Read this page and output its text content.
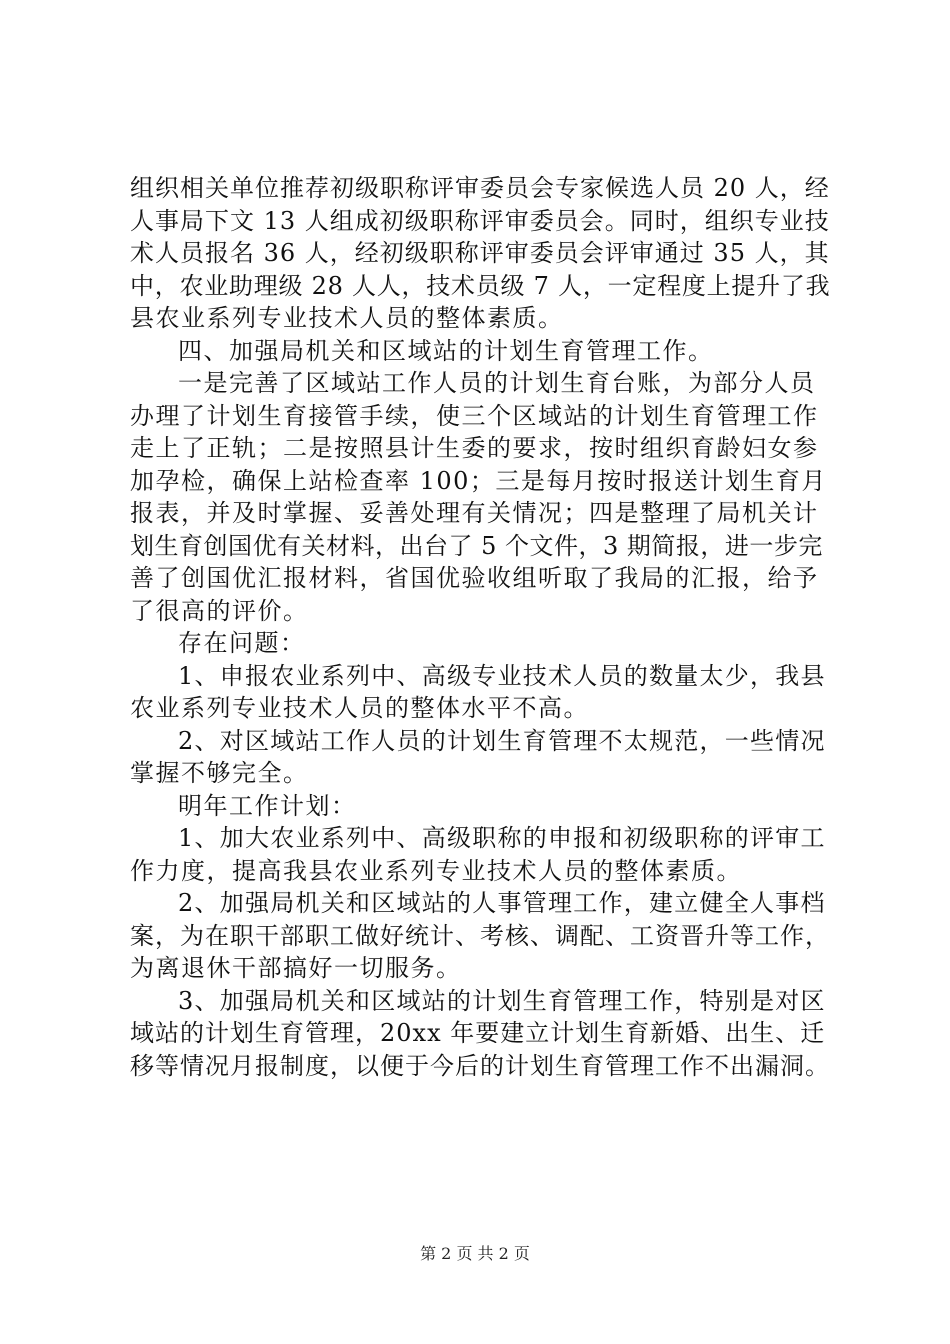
组织相关单位推荐初级职称评审委员会专家候选人员 20 人，经
人事局下文 13 人组成初级职称评审委员会。同时，组织专业技
术人员报名 36 人，经初级职称评审委员会评审通过 35 人，其
中，农业助理级 28 人人，技术员级 7 人，一定程度上提升了我
县农业系列专业技术人员的整体素质。
四、加强局机关和区域站的计划生育管理工作。
一是完善了区域站工作人员的计划生育台账，为部分人员
办理了计划生育接管手续，使三个区域站的计划生育管理工作
走上了正轨；二是按照县计生委的要求，按时组织育龄妇女参
加孕检，确保上站检查率 100；三是每月按时报送计划生育月
报表，并及时掌握、妥善处理有关情况；四是整理了局机关计
划生育创国优有关材料，出台了 5 个文件，3 期简报，进一步完
善了创国优汇报材料，省国优验收组听取了我局的汇报，给予
了很高的评价。
存在问题：
1、申报农业系列中、高级专业技术人员的数量太少，我县
农业系列专业技术人员的整体水平不高。
2、对区域站工作人员的计划生育管理不太规范，一些情况
掌握不够完全。
明年工作计划：
1、加大农业系列中、高级职称的申报和初级职称的评审工
作力度，提高我县农业系列专业技术人员的整体素质。
2、加强局机关和区域站的人事管理工作，建立健全人事档
案，为在职干部职工做好统计、考核、调配、工资晋升等工作，
为离退休干部搞好一切服务。
3、加强局机关和区域站的计划生育管理工作，特别是对区
域站的计划生育管理，20xx 年要建立计划生育新婚、出生、迁
移等情况月报制度，以便于今后的计划生育管理工作不出漏洞。
第 2 页 共 2 页
